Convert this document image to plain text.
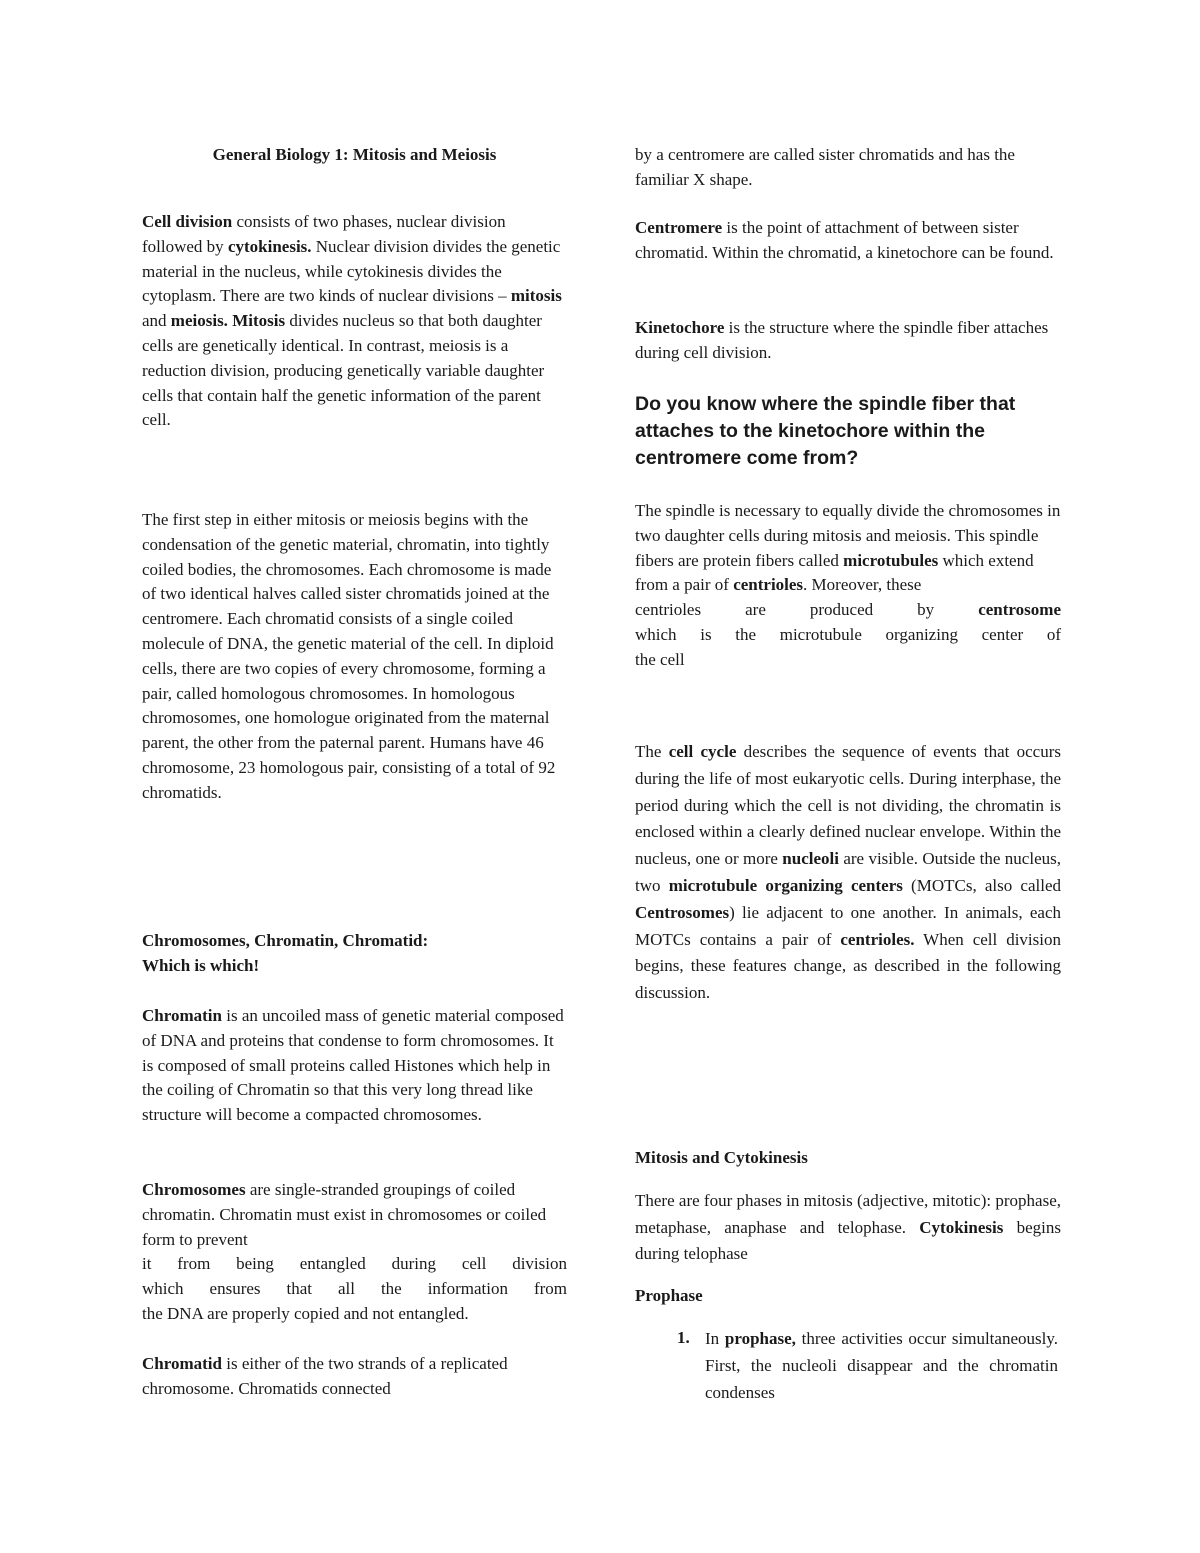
General Biology 1: Mitosis and Meiosis

Cell division consists of two phases, nuclear division followed by cytokinesis. Nuclear division divides the genetic material in the nucleus, while cytokinesis divides the cytoplasm. There are two kinds of nuclear divisions – mitosis and meiosis. Mitosis divides nucleus so that both daughter cells are genetically identical. In contrast, meiosis is a reduction division, producing genetically variable daughter cells that contain half the genetic information of the parent cell.

The first step in either mitosis or meiosis begins with the condensation of the genetic material, chromatin, into tightly coiled bodies, the chromosomes. Each chromosome is made of two identical halves called sister chromatids joined at the centromere. Each chromatid consists of a single coiled molecule of DNA, the genetic material of the cell. In diploid cells, there are two copies of every chromosome, forming a pair, called homologous chromosomes. In homologous chromosomes, one homologue originated from the maternal parent, the other from the paternal parent. Humans have 46 chromosome, 23 homologous pair, consisting of a total of 92 chromatids.

Chromosomes, Chromatin, Chromatid:
Which is which!

Chromatin is an uncoiled mass of genetic material composed of DNA and proteins that condense to form chromosomes. It is composed of small proteins called Histones which help in the coiling of Chromatin so that this very long thread like structure will become a compacted chromosomes.

Chromosomes are single-stranded groupings of coiled chromatin. Chromatin must exist in chromosomes or coiled form to prevent
it from being entangled during cell division
which ensures that all the information from
the DNA are properly copied and not entangled.

Chromatid is either of the two strands of a replicated chromosome. Chromatids connected

by a centromere are called sister chromatids and has the familiar X shape.

Centromere is the point of attachment of between sister chromatid. Within the chromatid, a kinetochore can be found.

Kinetochore is the structure where the spindle fiber attaches during cell division.

Do you know where the spindle fiber that attaches to the kinetochore within the centromere come from?

The spindle is necessary to equally divide the chromosomes in two daughter cells during mitosis and meiosis. This spindle fibers are protein fibers called microtubules which extend from a pair of centrioles. Moreover, these
centrioles are produced by centrosome
which is the microtubule organizing center of
the cell

The cell cycle describes the sequence of events that occurs during the life of most eukaryotic cells. During interphase, the period during which the cell is not dividing, the chromatin is enclosed within a clearly defined nuclear envelope. Within the nucleus, one or more nucleoli are visible. Outside the nucleus, two microtubule organizing centers (MOTCs, also called Centrosomes) lie adjacent to one another. In animals, each MOTCs contains a pair of centrioles. When cell division begins, these features change, as described in the following discussion.

Mitosis and Cytokinesis

There are four phases in mitosis (adjective, mitotic): prophase, metaphase, anaphase and telophase. Cytokinesis begins during telophase

Prophase

1. In prophase, three activities occur simultaneously. First, the nucleoli disappear and the chromatin condenses
